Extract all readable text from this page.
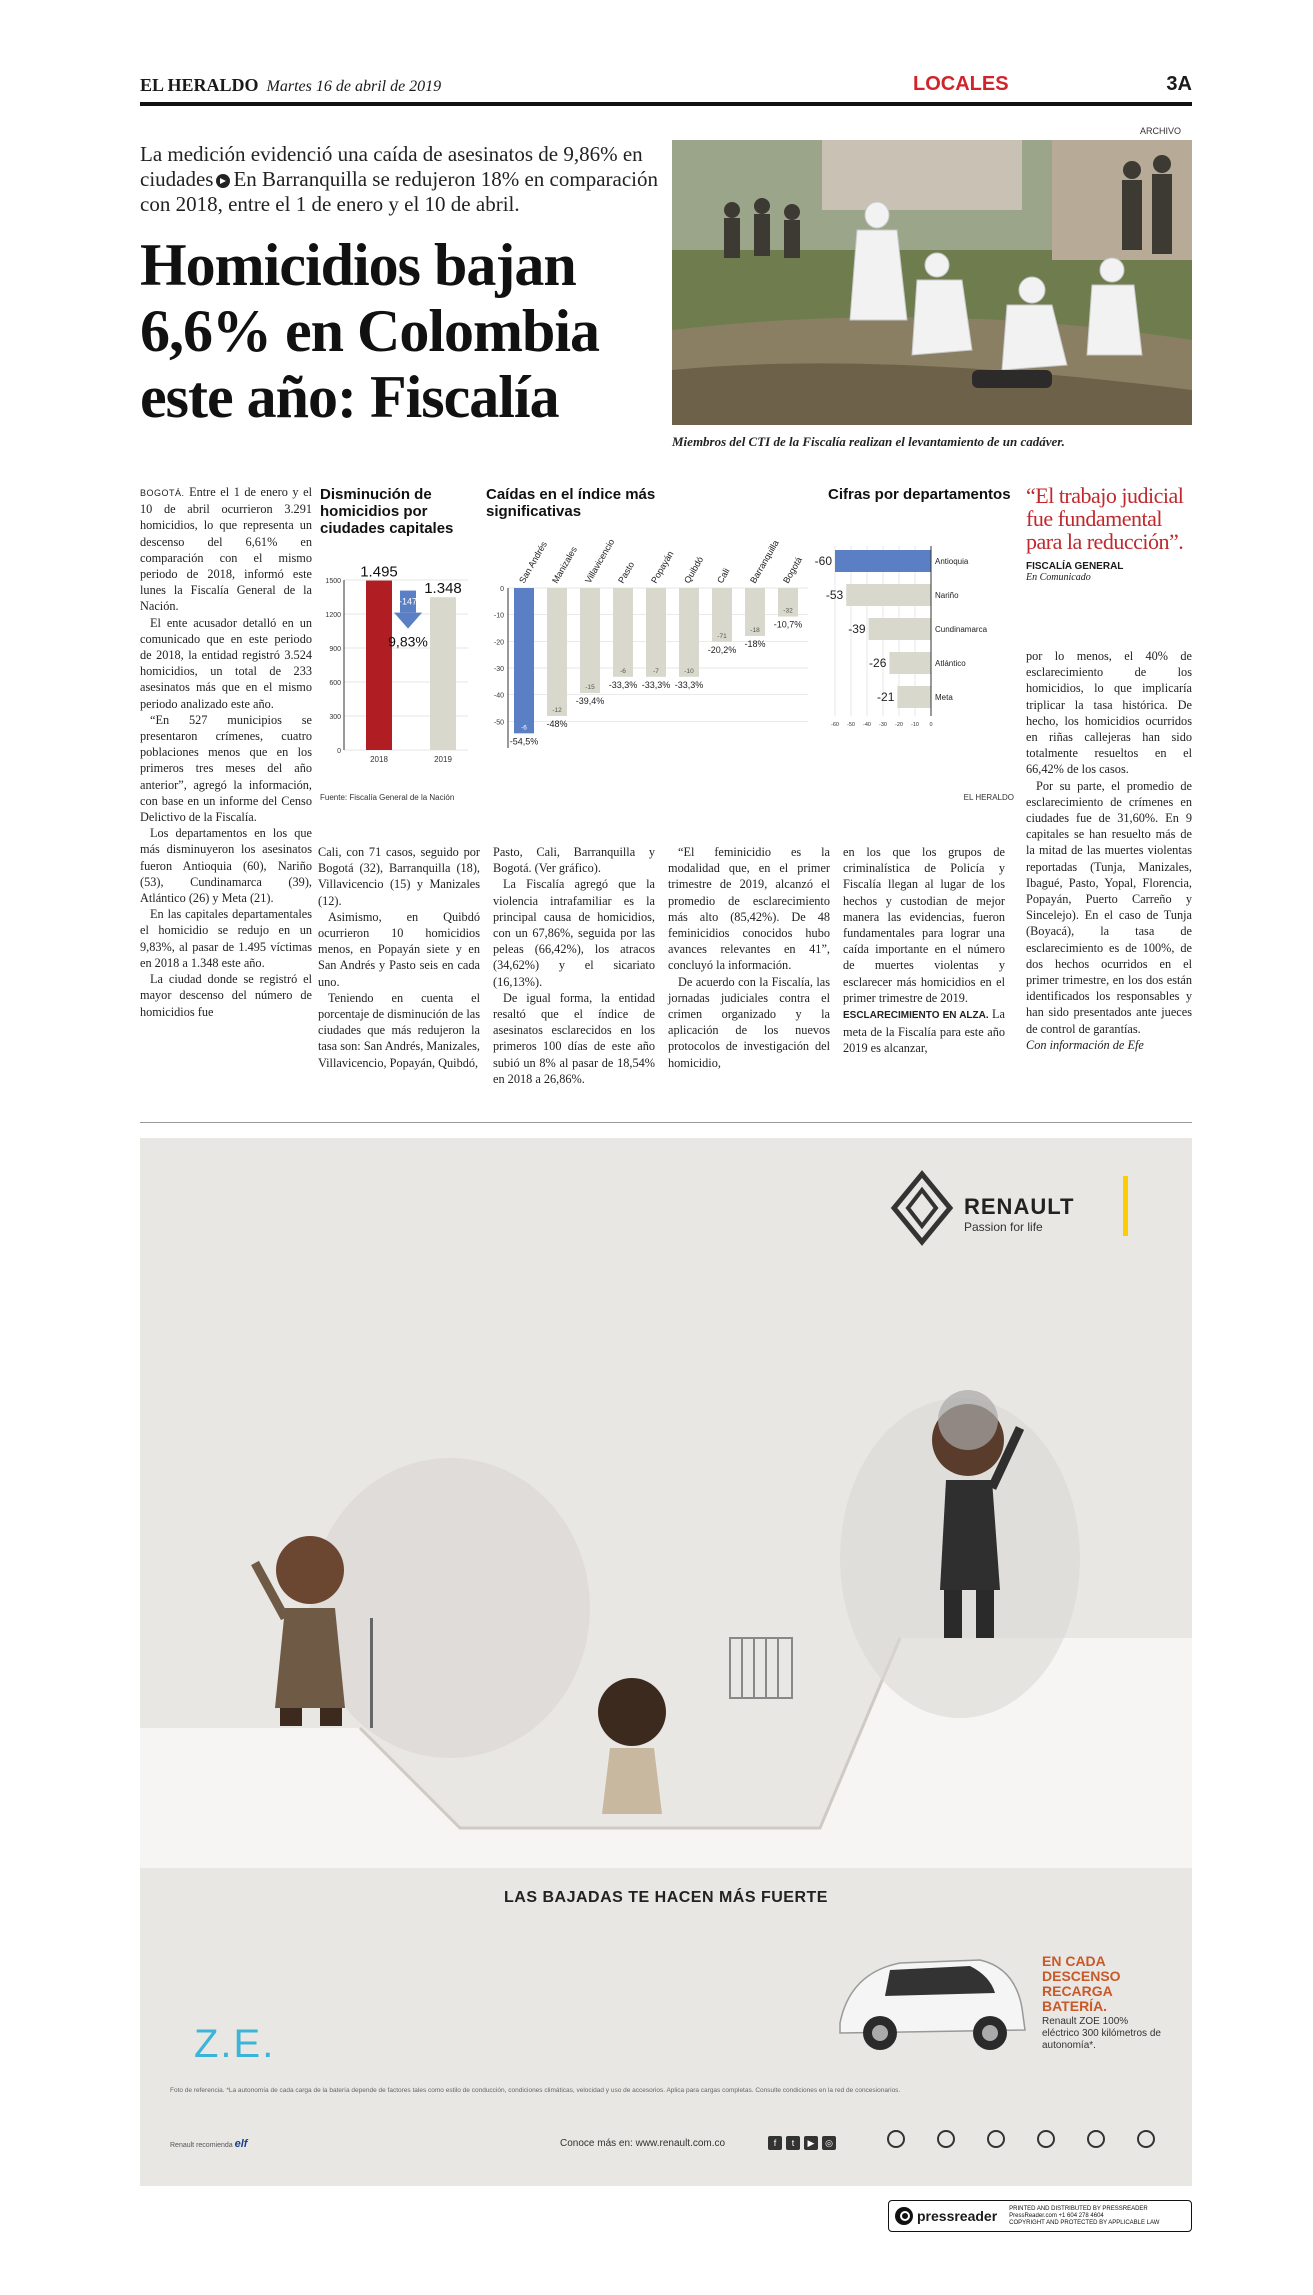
EL HERALDO Martes 16 de abril de 2019	LOCALES	3A
La medición evidenció una caída de asesinatos de 9,86% en ciudades En Barranquilla se redujeron 18% en comparación con 2018, entre el 1 de enero y el 10 de abril.
Homicidios bajan 6,6% en Colombia este año: Fiscalía
ARCHIVO
Miembros del CTI de la Fiscalía realizan el levantamiento de un cadáver.

BOGOTÁ. Entre el 1 de enero y el 10 de abril ocurrieron 3.291 homicidios, lo que representa un descenso del 6,61% en comparación con el mismo periodo de 2018, informó este lunes la Fiscalía General de la Nación.

El ente acusador detalló en un comunicado que en este periodo de 2018, la entidad registró 3.524 homicidios, un total de 233 asesinatos más que en el mismo periodo analizado este año.

“En 527 municipios se presentaron crímenes, cuatro poblaciones menos que en los primeros tres meses del año anterior”, agregó la información, con base en un informe del Censo Delictivo de la Fiscalía.

Los departamentos en los que más disminuyeron los asesinatos fueron Antioquia (60), Nariño (53), Cundinamarca (39), Atlántico (26) y Meta (21).

En las capitales departamentales el homicidio se redujo en un 9,83%, al pasar de 1.495 víctimas en 2018 a 1.348 este año.

La ciudad donde se registró el mayor descenso del número de homicidios fue

Cali, con 71 casos, seguido por Bogotá (32), Barranquilla (18), Villavicencio (15) y Manizales (12).

Asimismo, en Quibdó ocurrieron 10 homicidios menos, en Popayán siete y en San Andrés y Pasto seis en cada uno.

Teniendo en cuenta el porcentaje de disminución de las ciudades que más redujeron la tasa son: San Andrés, Manizales, Villavicencio, Popayán, Quibdó,

Pasto, Cali, Barranquilla y Bogotá. (Ver gráfico).

La Fiscalía agregó que la violencia intrafamiliar es la principal causa de homicidios, con un 67,86%, seguida por las peleas (66,42%), los atracos (34,62%) y el sicariato (16,13%).

De igual forma, la entidad resaltó que el índice de asesinatos esclarecidos en los primeros 100 días de este año subió un 8% al pasar de 18,54% en 2018 a 26,86%.

“El feminicidio es la modalidad que, en el primer trimestre de 2019, alcanzó el promedio de esclarecimiento más alto (85,42%). De 48 feminicidios conocidos hubo avances relevantes en 41”, concluyó la información.

De acuerdo con la Fiscalía, las jornadas judiciales contra el crimen organizado y la aplicación de los nuevos protocolos de investigación del homicidio,

en los que los grupos de criminalística de Policía y Fiscalía llegan al lugar de los hechos y custodian de mejor manera las evidencias, fueron fundamentales para lograr una caída importante en el número de muertes violentas y esclarecer más homicidios en el primer trimestre de 2019.

ESCLARECIMIENTO EN ALZA. La meta de la Fiscalía para este año 2019 es alcanzar,

por lo menos, el 40% de esclarecimiento de los homicidios, lo que implicaría triplicar la tasa histórica. De hecho, los homicidios ocurridos en riñas callejeras han sido totalmente resueltos en el 66,42% de los casos.

Por su parte, el promedio de esclarecimiento de crímenes en ciudades fue de 31,60%. En 9 capitales se han resuelto más de la mitad de las muertes violentas reportadas (Tunja, Manizales, Ibagué, Pasto, Yopal, Florencia, Popayán, Puerto Carreño y Sincelejo). En el caso de Tunja (Boyacá), la tasa de esclarecimiento es de 100%, de dos hechos ocurridos en el primer trimestre, en los dos están identificados los responsables y han sido presentados ante jueces de control de garantías.

Con información de Efe

“El trabajo judicial fue fundamental para la reducción”.
FISCALÍA GENERAL
En Comunicado
Disminución de homicidios por ciudades capitales
0
300
600
900
1200
1500
1.495
2018
1.348
2019
-147
9,83%
Caídas en el índice más significativas
0
-10
-20
-30
-40
-50
San Andrés
-6
-54,5%
Manizales
-12
-48%
Villavicencio
-15
-39,4%
Pasto
-6
-33,3%
Popayán
-7
-33,3%
Quibdó
-10
-33,3%
Cali
-71
-20,2%
Barranquilla
-18
-18%
Bogotá
-32
-10,7%
Cifras por departamentos
-60 -50 -40 -30 -20 -10 0
-60	Antioquia
-53	Nariño
-39	Cundinamarca
-26	Atlántico
-21	Meta
Fuente: Fiscalía General de la Nación	EL HERALDO
RENAULT
Passion for life
LAS BAJADAS TE HACEN MÁS FUERTE
EN CADA DESCENSO RECARGA BATERÍA.
Renault ZOE 100% eléctrico 300 kilómetros de autonomía*.
Z.E.
Foto de referencia. *La autonomía de cada carga de la batería depende de factores tales como estilo de conducción, condiciones climáticas, velocidad y uso de accesorios. Aplica para cargas completas. Consulte condiciones en la red de concesionarios.
Renault recomienda elf	Conoce más en: www.renault.com.co	f	t	▶	◎
pressreader PRINTED AND DISTRIBUTED BY PRESSREADER
PressReader.com +1 604 278 4604
COPYRIGHT AND PROTECTED BY APPLICABLE LAW
